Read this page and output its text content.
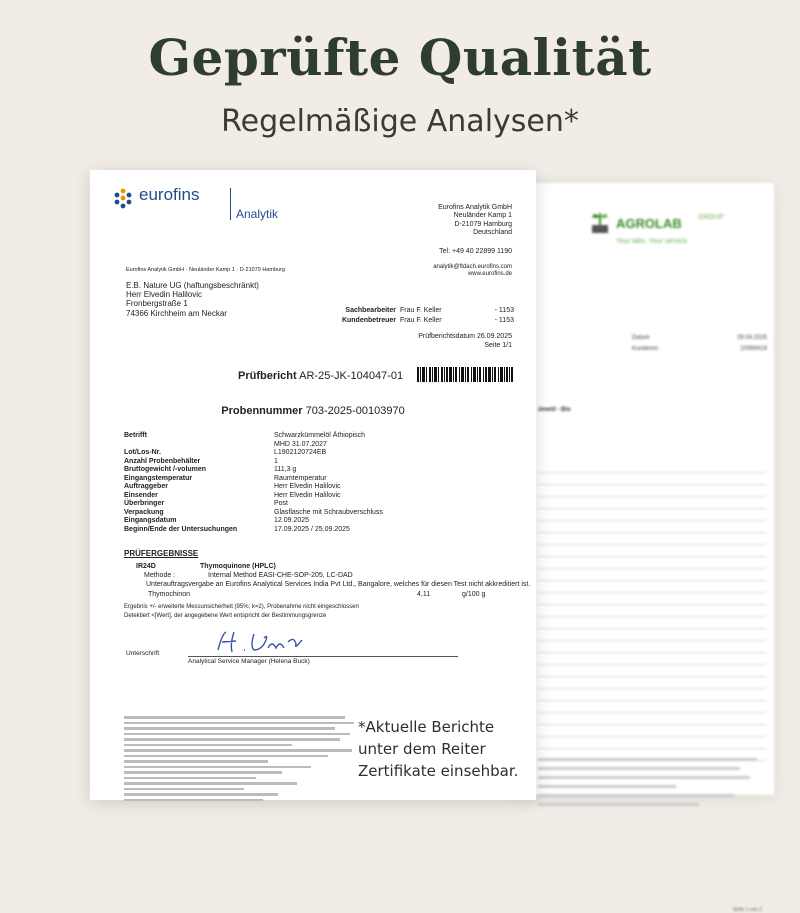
Geprüfte Qualität
Regelmäßige Analysen*
AGROLAB GROUP
Your labs. Your service.
Datum	29.04.2025
Kundennr.	10069419
ümeöl - Bio
Seite 1 von 2
eurofins
Analytik	Eurofins Analytik GmbH
Neuländer Kamp 1
D-21079 Hamburg
Deutschland
Tel: +49 40 22899 1190
analytik@ftdach.eurofins.com
www.eurofins.de
Eurofins Analytik GmbH · Neuländer Kamp 1 · D-21079 Hamburg
E.B. Nature UG (haftungsbeschränkt)
Herr Elvedin Halilovic
Fronbergstraße 1
74366 Kirchheim am Neckar	Sachbearbeiter Frau F. Keller	- 1153
Kundenbetreuer Frau F. Keller	- 1153
Prüfberichtsdatum 26.09.2025
Seite 1/1
Prüfbericht AR-25-JK-104047-01
Probennummer 703-2025-00103970
Betrifft	Schwarzkümmelöl Äthiopisch
MHD 31.07.2027
Lot/Los-Nr.	L1902120724EB
Anzahl Probenbehälter	1
Bruttogewicht /-volumen	111,3 g
Eingangstemperatur	Raumtemperatur
Auftraggeber	Herr Elvedin Halilovic
Einsender	Herr Elvedin Halilovic
Überbringer	Post
Verpackung	Glasflasche mit Schraubverschluss
Eingangsdatum	12.09.2025
Beginn/Ende der Untersuchungen	17.09.2025 / 25.09.2025
PRÜFERGEBNISSE
IR24D	Thymoquinone (HPLC)
Methode :	Internal Method EASI-CHE-SOP-205, LC-DAD
Unterauftragsvergabe an Eurofins Analytical Services India Pvt Ltd., Bangalore, welches für diesen Test nicht akkreditiert ist.
Thymochinon	4,11	g/100 g
Ergebnis +/- erweiterte Messunsicherheit (95%; k=2), Probenahme nicht eingeschlossen
Detektiert <[Wert], der angegebene Wert entspricht der Bestimmungsgrenze
Unterschrift
Analytical Service Manager (Helena Buck)
*Aktuelle Berichte
unter dem Reiter
Zertifikate einsehbar.
